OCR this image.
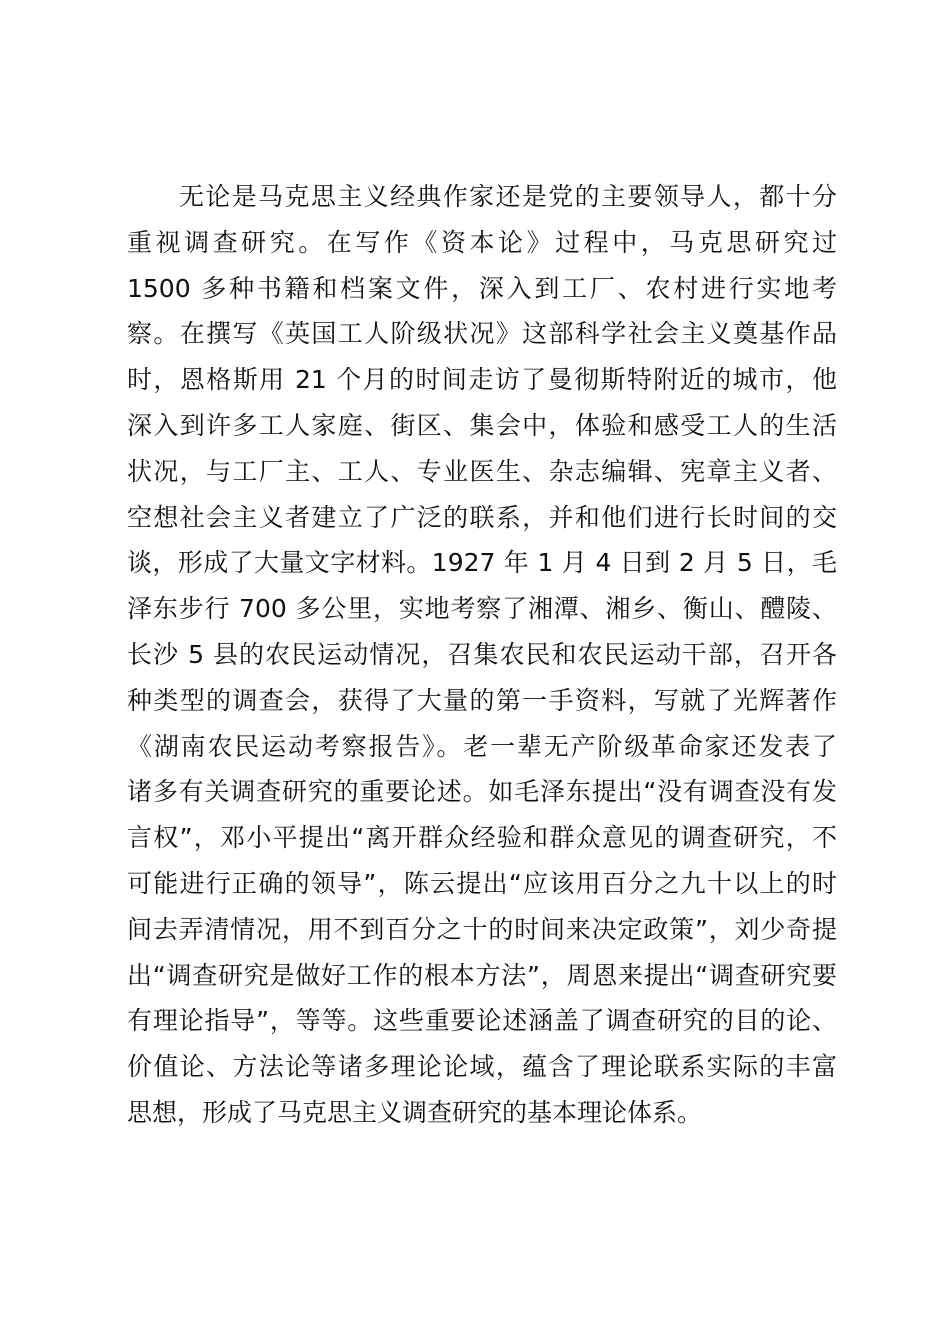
无论是马克思主义经典作家还是党的主要领导人，都十分
重视调查研究。在写作《资本论》过程中，马克思研究过
1500 多种书籍和档案文件，深入到工厂、农村进行实地考
察。在撰写《英国工人阶级状况》这部科学社会主义奠基作品
时，恩格斯用 21 个月的时间走访了曼彻斯特附近的城市，他
深入到许多工人家庭、街区、集会中，体验和感受工人的生活
状况，与工厂主、工人、专业医生、杂志编辑、宪章主义者、
空想社会主义者建立了广泛的联系，并和他们进行长时间的交
谈，形成了大量文字材料。1927 年 1 月 4 日到 2 月 5 日，毛
泽东步行 700 多公里，实地考察了湘潭、湘乡、衡山、醴陵、
长沙 5 县的农民运动情况，召集农民和农民运动干部，召开各
种类型的调查会，获得了大量的第一手资料，写就了光辉著作
《湖南农民运动考察报告》。老一辈无产阶级革命家还发表了
诸多有关调查研究的重要论述。如毛泽东提出“没有调查没有发
言权”，邓小平提出“离开群众经验和群众意见的调查研究，不
可能进行正确的领导”，陈云提出“应该用百分之九十以上的时
间去弄清情况，用不到百分之十的时间来决定政策”，刘少奇提
出“调查研究是做好工作的根本方法”，周恩来提出“调查研究要
有理论指导”，等等。这些重要论述涵盖了调查研究的目的论、
价值论、方法论等诸多理论论域，蕴含了理论联系实际的丰富
思想，形成了马克思主义调查研究的基本理论体系。
